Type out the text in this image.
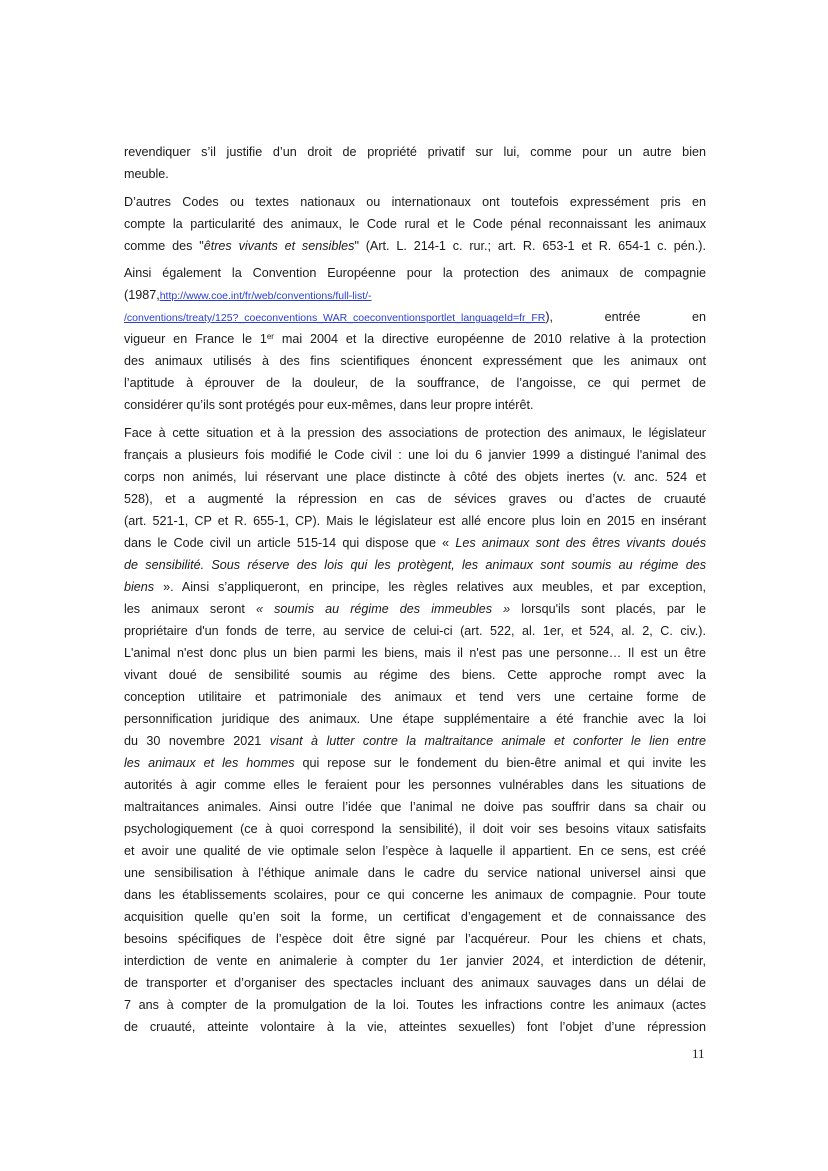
revendiquer s’il justifie d’un droit de propriété privatif sur lui, comme pour un autre bien
meuble.
D’autres Codes ou textes nationaux ou internationaux ont toutefois expressément pris en
compte la particularité des animaux, le Code rural et le Code pénal reconnaissant les animaux
comme des "êtres vivants et sensibles" (Art. L. 214-1 c. rur.; art. R. 653-1 et R. 654-1 c. pén.).
Ainsi également la Convention Européenne pour la protection des animaux de compagnie
(1987,http://www.coe.int/fr/web/conventions/full-list/-
/conventions/treaty/125?_coeconventions_WAR_coeconventionsportlet_languageId=fr_FR), entrée en
vigueur en France le 1er mai 2004 et la directive européenne de 2010 relative à la protection
des animaux utilisés à des fins scientifiques énoncent expressément que les animaux ont
l’aptitude à éprouver de la douleur, de la souffrance, de l’angoisse, ce qui permet de
considérer qu’ils sont protégés pour eux-mêmes, dans leur propre intérêt.
Face à cette situation et à la pression des associations de protection des animaux, le législateur
français a plusieurs fois modifié le Code civil : une loi du 6 janvier 1999 a distingué l'animal des
corps non animés, lui réservant une place distincte à côté des objets inertes (v. anc. 524 et
528), et a augmenté la répression en cas de sévices graves ou d’actes de cruauté
(art. 521-1, CP et R. 655-1, CP). Mais le législateur est allé encore plus loin en 2015 en insérant
dans le Code civil un article 515-14 qui dispose que « Les animaux sont des êtres vivants doués
de sensibilité. Sous réserve des lois qui les protègent, les animaux sont soumis au régime des
biens ». Ainsi s’appliqueront, en principe, les règles relatives aux meubles, et par exception,
les animaux seront « soumis au régime des immeubles » lorsqu'ils sont placés, par le
propriétaire d'un fonds de terre, au service de celui-ci (art. 522, al. 1er, et 524, al. 2, C. civ.).
L'animal n'est donc plus un bien parmi les biens, mais il n'est pas une personne… Il est un être
vivant doué de sensibilité soumis au régime des biens. Cette approche rompt avec la
conception utilitaire et patrimoniale des animaux et tend vers une certaine forme de
personnification juridique des animaux. Une étape supplémentaire a été franchie avec la loi
du 30 novembre 2021 visant à lutter contre la maltraitance animale et conforter le lien entre
les animaux et les hommes qui repose sur le fondement du bien-être animal et qui invite les
autorités à agir comme elles le feraient pour les personnes vulnérables dans les situations de
maltraitances animales. Ainsi outre l’idée que l’animal ne doive pas souffrir dans sa chair ou
psychologiquement (ce à quoi correspond la sensibilité), il doit voir ses besoins vitaux satisfaits
et avoir une qualité de vie optimale selon l’espèce à laquelle il appartient. En ce sens, est créé
une sensibilisation à l’éthique animale dans le cadre du service national universel ainsi que
dans les établissements scolaires, pour ce qui concerne les animaux de compagnie. Pour toute
acquisition quelle qu’en soit la forme, un certificat d’engagement et de connaissance des
besoins spécifiques de l’espèce doit être signé par l’acquéreur. Pour les chiens et chats,
interdiction de vente en animalerie à compter du 1er janvier 2024, et interdiction de détenir,
de transporter et d’organiser des spectacles incluant des animaux sauvages dans un délai de
7 ans à compter de la promulgation de la loi. Toutes les infractions contre les animaux (actes
de cruauté, atteinte volontaire à la vie, atteintes sexuelles) font l’objet d’une répression
11
